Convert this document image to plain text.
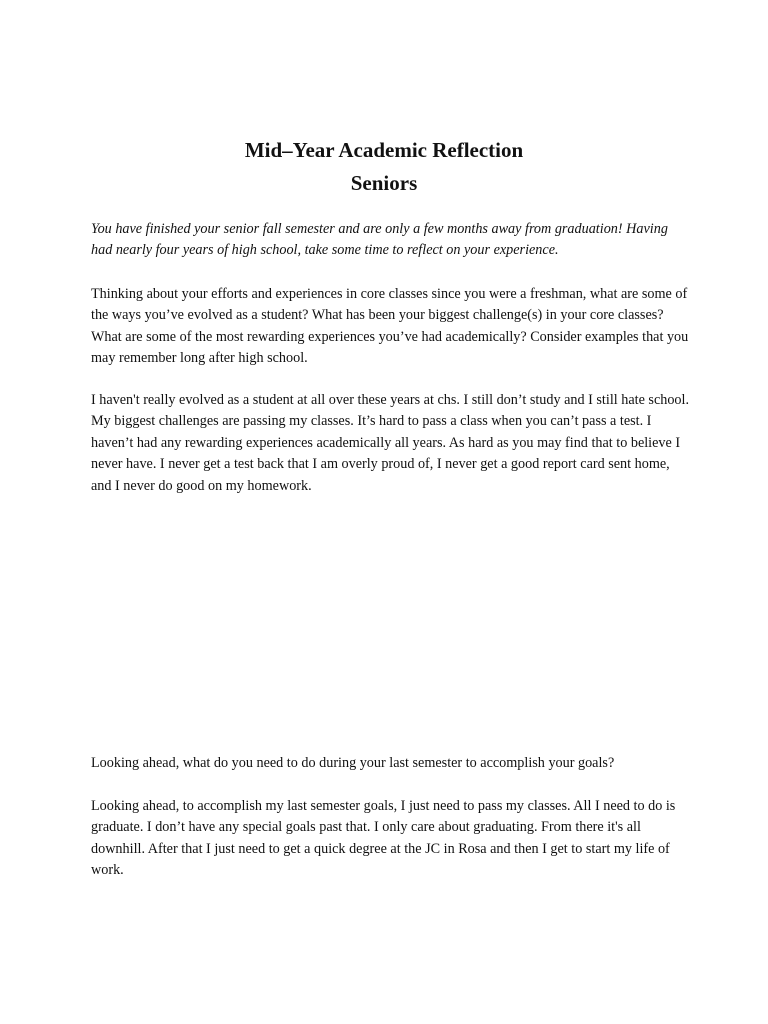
Mid–Year Academic Reflection
Seniors

You have finished your senior fall semester and are only a few months away from graduation! Having had nearly four years of high school, take some time to reflect on your experience.

Thinking about your efforts and experiences in core classes since you were a freshman, what are some of the ways you’ve evolved as a student? What has been your biggest challenge(s) in your core classes? What are some of the most rewarding experiences you’ve had academically? Consider examples that you may remember long after high school.

I haven't really evolved as a student at all over these years at chs. I still don’t study and I still hate school. My biggest challenges are passing my classes. It’s hard to pass a class when you can’t pass a test. I haven’t had any rewarding experiences academically all years. As hard as you may find that to believe I never have. I never get a test back that I am overly proud of, I never get a good report card sent home, and I never do good on my homework.

Looking ahead, what do you need to do during your last semester to accomplish your goals?

Looking ahead, to accomplish my last semester goals, I just need to pass my classes. All I need to do is graduate. I don’t have any special goals past that. I only care about graduating. From there it's all downhill. After that I just need to get a quick degree at the JC in Rosa and then I get to start my life of work.
